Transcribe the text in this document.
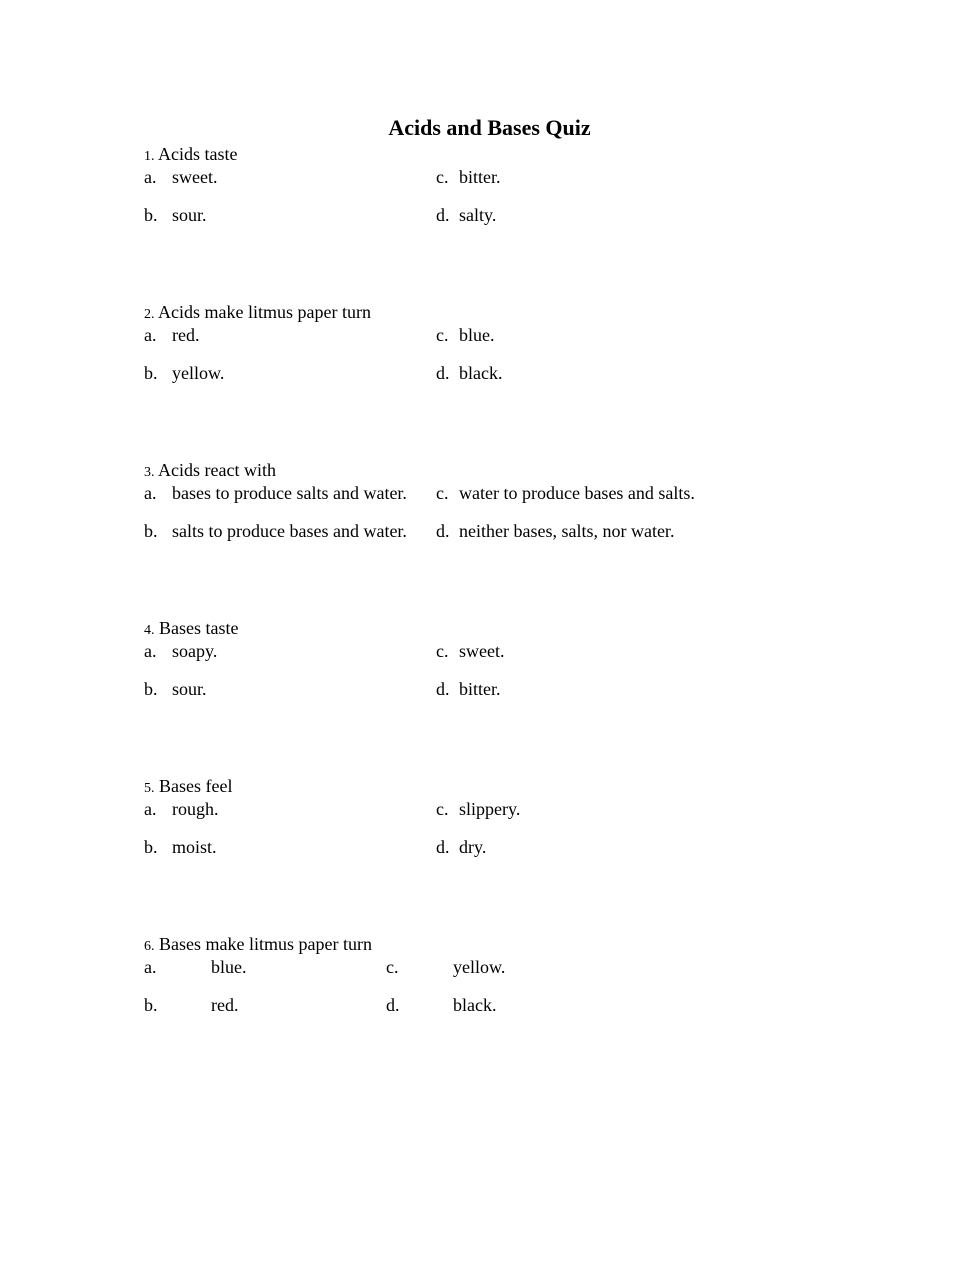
Acids and Bases Quiz
1. Acids taste
a. sweet.
b. sour.
c. bitter.
d. salty.
2. Acids make litmus paper turn
a. red.
b. yellow.
c. blue.
d. black.
3. Acids react with
a. bases to produce salts and water.
b. salts to produce bases and water.
c. water to produce bases and salts.
d. neither bases, salts, nor water.
4. Bases taste
a. soapy.
b. sour.
c. sweet.
d. bitter.
5. Bases feel
a. rough.
b. moist.
c. slippery.
d. dry.
6. Bases make litmus paper turn
a.	blue.
b.	red.
c.	yellow.
d.	black.
